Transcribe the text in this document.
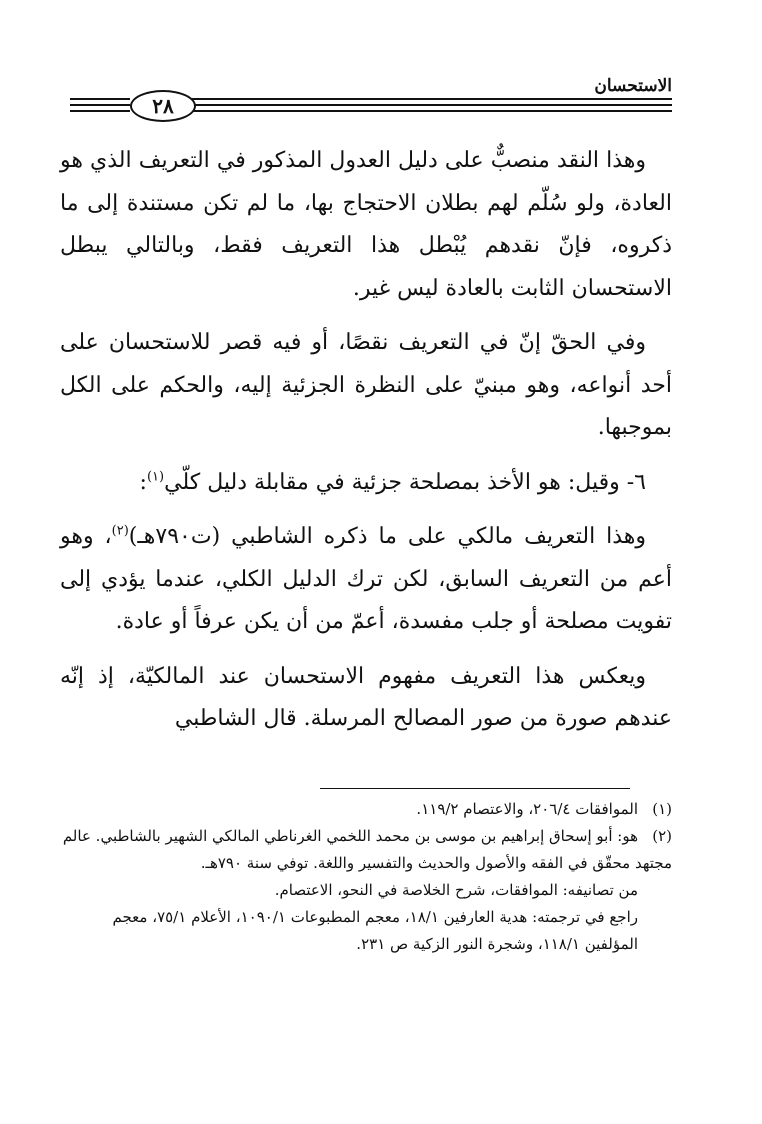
الاستحسان
٢٨

وهذا النقد منصبٌّ على دليل العدول المذكور في التعريف الذي هو العادة، ولو سُلّم لهم بطلان الاحتجاج بها، ما لم تكن مستندة إلى ما ذكروه، فإنّ نقدهم يُبْطل هذا التعريف فقط، وبالتالي يبطل الاستحسان الثابت بالعادة ليس غير.

وفي الحقّ إنّ في التعريف نقصًا، أو فيه قصر للاستحسان على أحد أنواعه، وهو مبنيّ على النظرة الجزئية إليه، والحكم على الكل بموجبها.

٦- وقيل: هو الأخذ بمصلحة جزئية في مقابلة دليل كلّي$^{(١)}$:

وهذا التعريف مالكي على ما ذكره الشاطبي (ت٧٩٠هـ)$^{(٢)}$، وهو أعم من التعريف السابق، لكن ترك الدليل الكلي، عندما يؤدي إلى تفويت مصلحة أو جلب مفسدة، أعمّ من أن يكن عرفاً أو عادة.

ويعكس هذا التعريف مفهوم الاستحسان عند المالكيّة، إذ إنّه عندهم صورة من صور المصالح المرسلة. قال الشاطبي

(١)الموافقات ٢٠٦/٤، والاعتصام ١١٩/٢.

(٢)هو: أبو إسحاق إبراهيم بن موسى بن محمد اللخمي الغرناطي المالكي الشهير بالشاطبي. عالم مجتهد محقّق في الفقه والأصول والحديث والتفسير واللغة. توفي سنة ٧٩٠هـ.

من تصانيفه: الموافقات، شرح الخلاصة في النحو، الاعتصام.

راجع في ترجمته: هدية العارفين ١٨/١، معجم المطبوعات ١٠٩٠/١، الأعلام ٧٥/١، معجم المؤلفين ١١٨/١، وشجرة النور الزكية ص ٢٣١.
